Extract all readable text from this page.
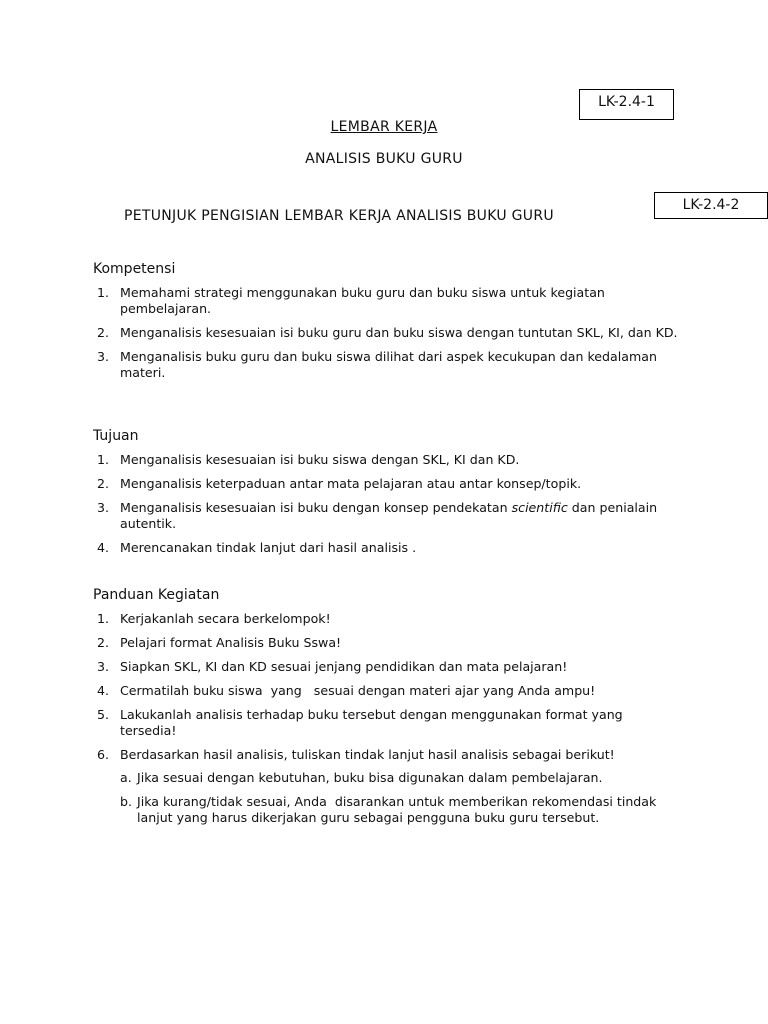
LK-2.4-1
LEMBAR KERJA
ANALISIS BUKU GURU
LK-2.4-2
PETUNJUK PENGISIAN LEMBAR KERJA ANALISIS BUKU GURU
Kompetensi
1. Memahami strategi menggunakan buku guru dan buku siswa untuk kegiatan pembelajaran.
2. Menganalisis kesesuaian isi buku guru dan buku siswa dengan tuntutan SKL, KI, dan KD.
3. Menganalisis buku guru dan buku siswa dilihat dari aspek kecukupan dan kedalaman materi.
Tujuan
1. Menganalisis kesesuaian isi buku siswa dengan SKL, KI dan KD.
2. Menganalisis keterpaduan antar mata pelajaran atau antar konsep/topik.
3. Menganalisis kesesuaian isi buku dengan konsep pendekatan scientific dan penialain autentik.
4. Merencanakan tindak lanjut dari hasil analisis .
Panduan Kegiatan
1. Kerjakanlah secara berkelompok!
2. Pelajari format Analisis Buku Sswa!
3. Siapkan SKL, KI dan KD sesuai jenjang pendidikan dan mata pelajaran!
4. Cermatilah buku siswa  yang   sesuai dengan materi ajar yang Anda ampu!
5. Lakukanlah analisis terhadap buku tersebut dengan menggunakan format yang tersedia!
6. Berdasarkan hasil analisis, tuliskan tindak lanjut hasil analisis sebagai berikut!
a. Jika sesuai dengan kebutuhan, buku bisa digunakan dalam pembelajaran.
b. Jika kurang/tidak sesuai, Anda  disarankan untuk memberikan rekomendasi tindak lanjut yang harus dikerjakan guru sebagai pengguna buku guru tersebut.
